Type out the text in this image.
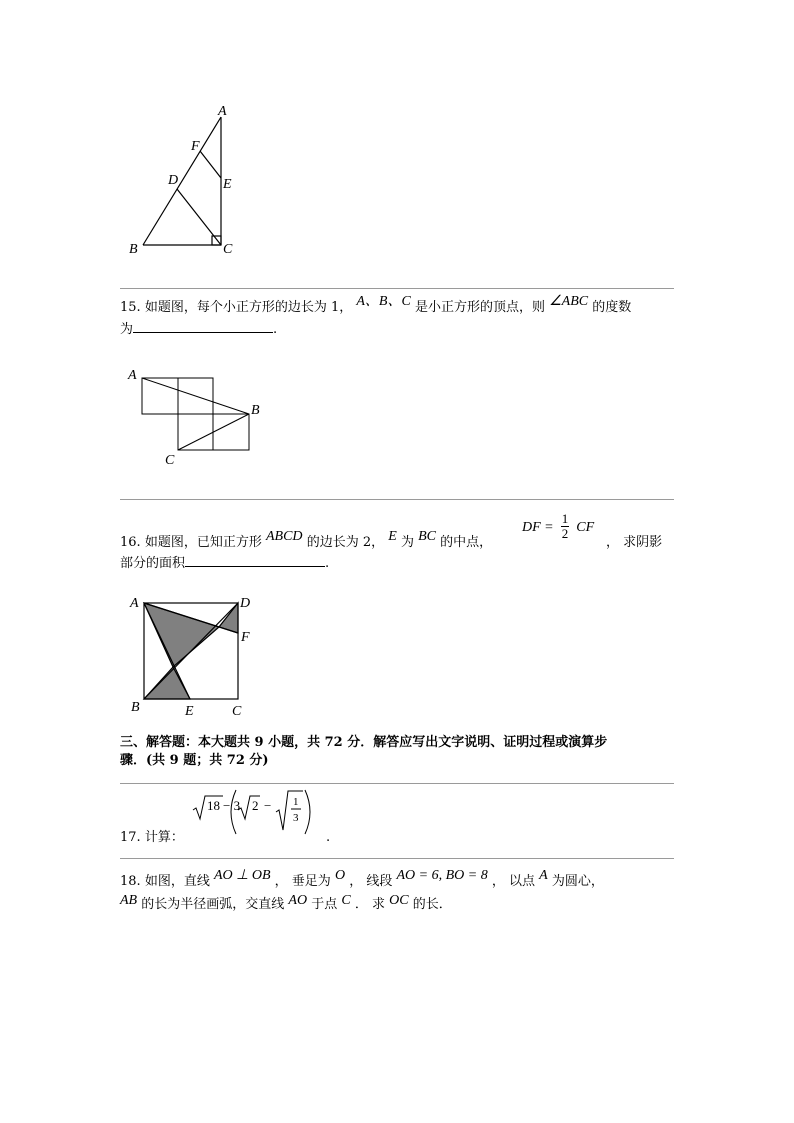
A
F
D	E
B	C
15. 如题图，每个小正方形的边长为 1， A、B、C 是小正方形的顶点，则 ∠ABC 的度数
为	.
A
B
C
DF = $\frac{1}{2}$ CF
16. 如题图，已知正方形 ABCD 的边长为 2， E 为 BC 的中点，	， 求阴影
部分的面积	.
A	D
F
B	E	C
三、解答题：本大题共 9 小题，共 72 分．解答应写出文字说明、证明过程或演算步
骤．(共 9 题；共 72 分)
18 − 3 2 − 1
3
17. 计算：	.
18. 如图，直线 AO ⊥ OB ， 垂足为 O ， 线段 AO = 6, BO = 8 ， 以点 A 为圆心，
AB 的长为半径画弧，交直线 AO 于点 C ． 求 OC 的长．
